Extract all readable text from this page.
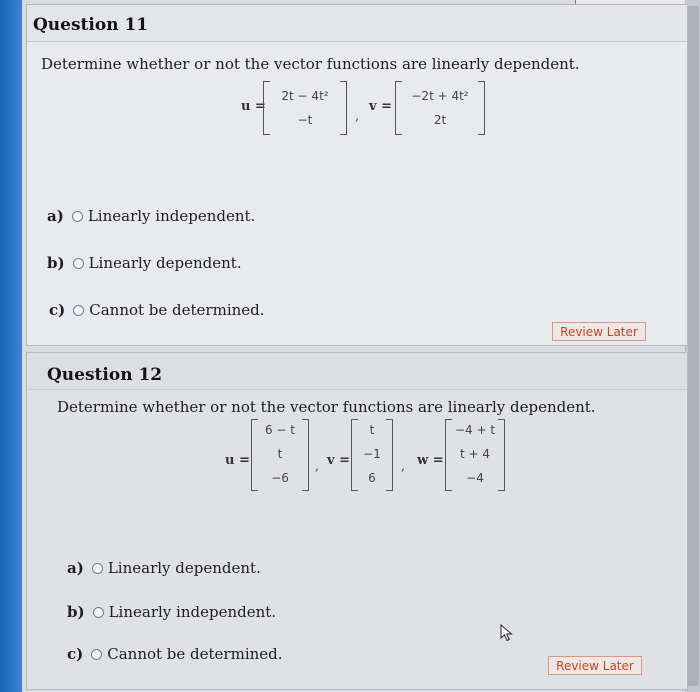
Question 11
Determine whether or not the vector functions are linearly dependent.
u =
2t − 4t²
−t	,
v =
−2t + 4t²
2t
a) Linearly independent.
b) Linearly dependent.
c) Cannot be determined.
Review Later
Question 12
Determine whether or not the vector functions are linearly dependent.
u =
6 − t
t
−6
, v =
t
−1
6
, w =
−4 + t
t + 4
−4
a) Linearly dependent.
b) Linearly independent.
c) Cannot be determined.
Review Later
